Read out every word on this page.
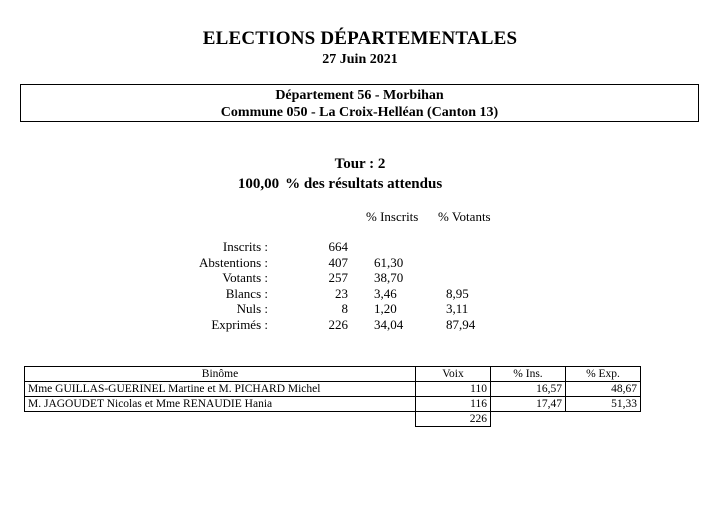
ELECTIONS DÉPARTEMENTALES
27 Juin 2021
Département 56 - Morbihan
Commune 050 - La Croix-Helléan (Canton 13)
Tour : 2
100,00 % des résultats attendus
% Inscrits % Votants
Inscrits :	664
Abstentions :	407 61,30
Votants :	257 38,70
Blancs :	23 3,46	8,95
Nuls :	8 1,20	3,11
Exprimés :	226 34,04	87,94
Binôme	Voix	% Ins.	% Exp.
Mme GUILLAS-GUERINEL Martine et M. PICHARD Michel	110	16,57	48,67
M. JAGOUDET Nicolas et Mme RENAUDIE Hania	116	17,47	51,33
	226		
